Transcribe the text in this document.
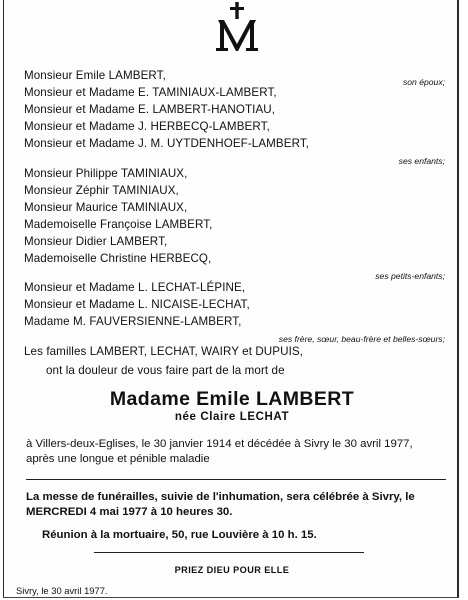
Monsieur Emile LAMBERT,	son époux;
Monsieur et Madame E. TAMINIAUX-LAMBERT,
Monsieur et Madame E. LAMBERT-HANOTIAU,
Monsieur et Madame J. HERBECQ-LAMBERT,
Monsieur et Madame J. M. UYTDENHOEF-LAMBERT,
ses enfants;
Monsieur Philippe TAMINIAUX,
Monsieur Zéphir TAMINIAUX,
Monsieur Maurice TAMINIAUX,
Mademoiselle Françoise LAMBERT,
Monsieur Didier LAMBERT,
Mademoiselle Christine HERBECQ,
ses petits-enfants;
Monsieur et Madame L. LECHAT-LÉPINE,
Monsieur et Madame L. NICAISE-LECHAT,
Madame M. FAUVERSIENNE-LAMBERT,
ses frère, sœur, beau-frère et belles-sœurs;
Les familles LAMBERT, LECHAT, WAIRY et DUPUIS,
ont la douleur de vous faire part de la mort de
Madame Emile LAMBERT
née Claire LECHAT
à Villers-deux-Eglises, le 30 janvier 1914 et décédée à Sivry le 30 avril 1977, après une longue et pénible maladie
La messe de funérailles, suivie de l'inhumation, sera célébrée à Sivry, le MERCREDI 4 mai 1977 à 10 heures 30.
Réunion à la mortuaire, 50, rue Louvière à 10 h. 15.
PRIEZ DIEU POUR ELLE
Sivry, le 30 avril 1977.
